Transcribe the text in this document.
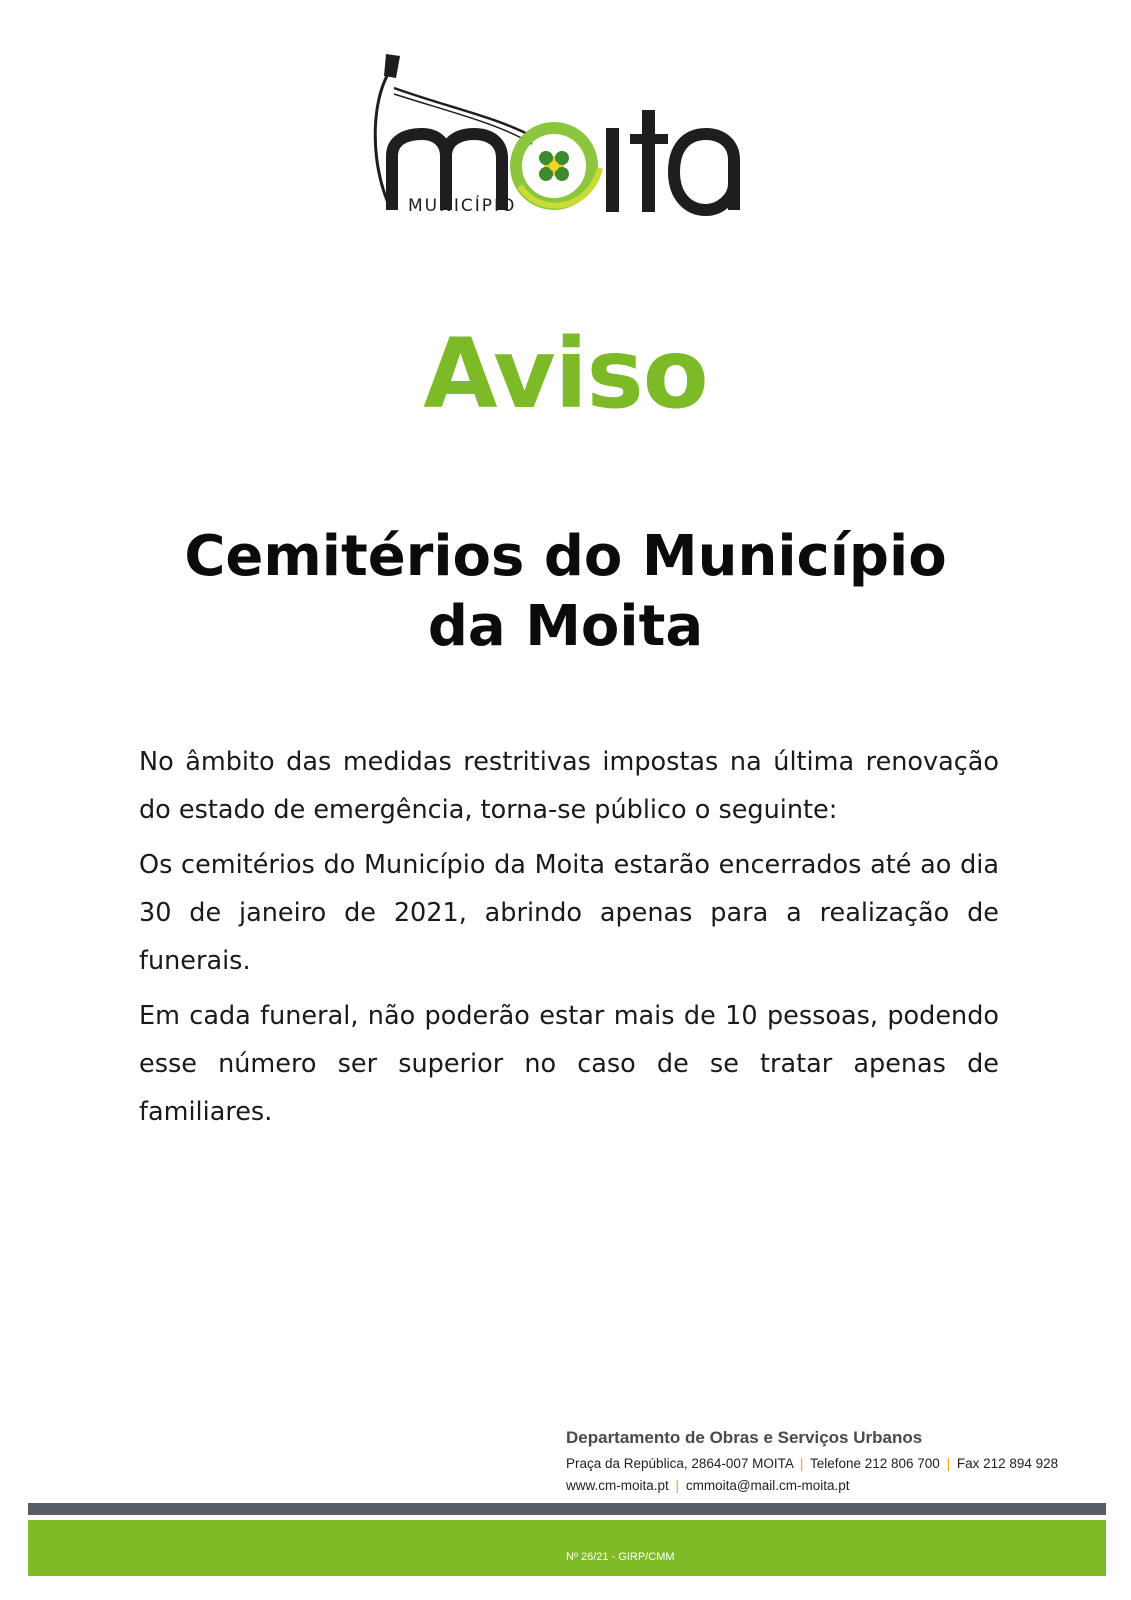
MUNICÍPIO
Aviso
Cemitérios do Município
da Moita

No âmbito das medidas restritivas impostas na última renovação do estado de emergência, torna-se público o seguinte:

Os cemitérios do Município da Moita estarão encerrados até ao dia 30 de janeiro de 2021, abrindo apenas para a realização de funerais.

Em cada funeral, não poderão estar mais de 10 pessoas, podendo esse número ser superior no caso de se tratar apenas de familiares.

Departamento de Obras e Serviços Urbanos
Praça da República, 2864-007 MOITA | Telefone 212 806 700 | Fax 212 894 928
www.cm-moita.pt | cmmoita@mail.cm-moita.pt
Nº 26/21 - GIRP/CMM
